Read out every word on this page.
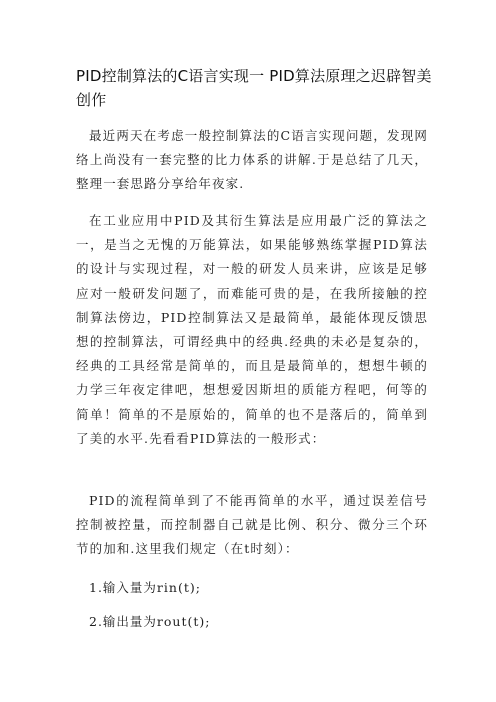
PID控制算法的C语言实现一 PID算法原理之迟辟智美创作
最近两天在考虑一般控制算法的C语言实现问题，发现网络上尚没有一套完整的比力体系的讲解.于是总结了几天，整理一套思路分享给年夜家.
在工业应用中PID及其衍生算法是应用最广泛的算法之一，是当之无愧的万能算法，如果能够熟练掌握PID算法的设计与实现过程，对一般的研发人员来讲，应该是足够应对一般研发问题了，而难能可贵的是，在我所接触的控制算法傍边，PID控制算法又是最简单，最能体现反馈思想的控制算法，可谓经典中的经典.经典的未必是复杂的，经典的工具经常是简单的，而且是最简单的，想想牛顿的力学三年夜定律吧，想想爱因斯坦的质能方程吧，何等的简单！简单的不是原始的，简单的也不是落后的，简单到了美的水平.先看看PID算法的一般形式：
PID的流程简单到了不能再简单的水平，通过误差信号控制被控量，而控制器自己就是比例、积分、微分三个环节的加和.这里我们规定（在t时刻）：
1.输入量为rin(t);
2.输出量为rout(t);
